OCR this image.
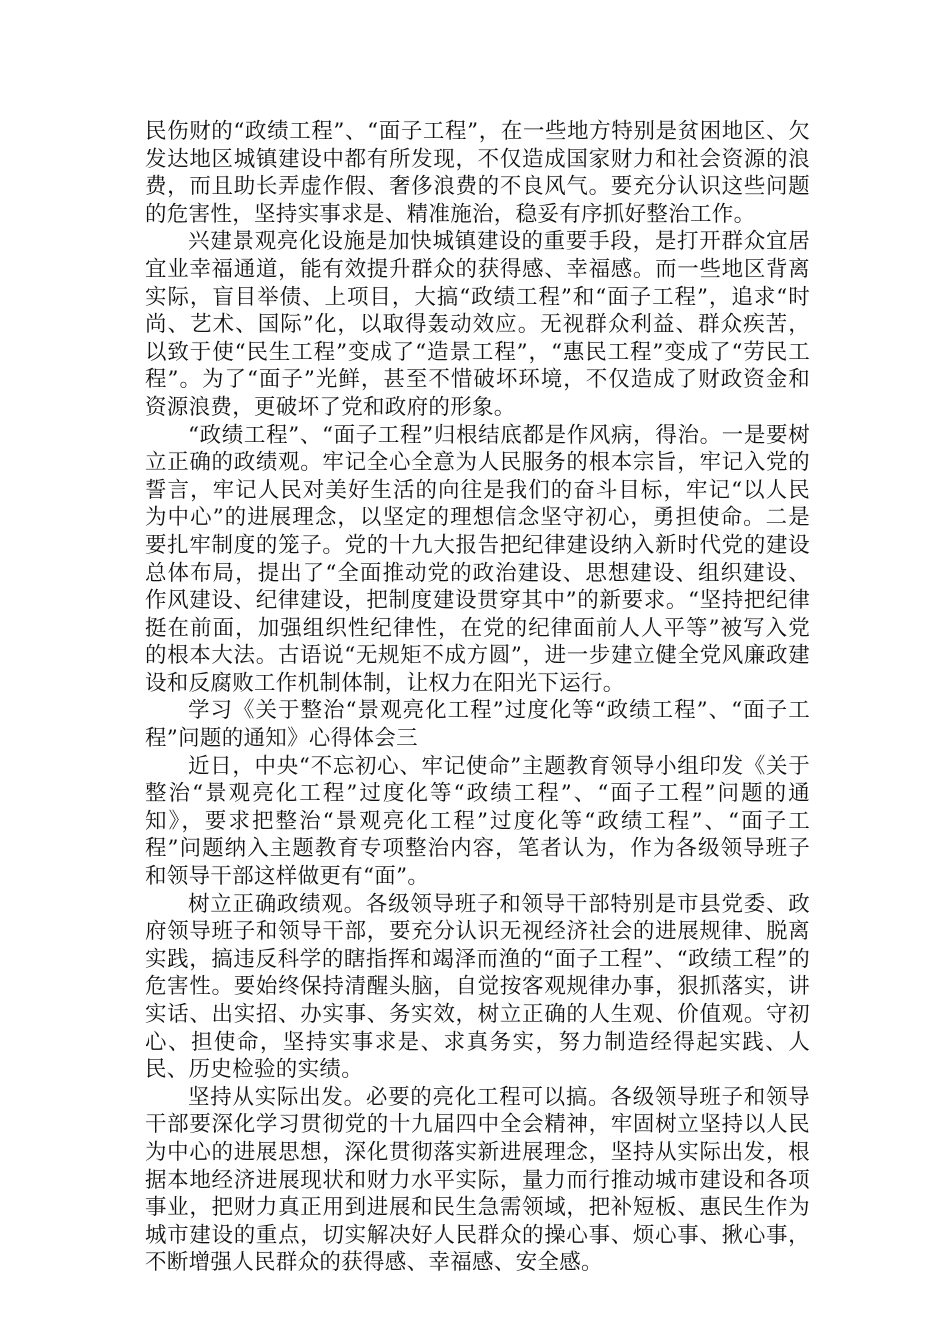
民伤财的“政绩工程”、“面子工程”，在一些地方特别是贫困地区、欠发达地区城镇建设中都有所发现，不仅造成国家财力和社会资源的浪费，而且助长弄虚作假、奢侈浪费的不良风气。要充分认识这些问题的危害性，坚持实事求是、精准施治，稳妥有序抓好整治工作。

兴建景观亮化设施是加快城镇建设的重要手段，是打开群众宜居宜业幸福通道，能有效提升群众的获得感、幸福感。而一些地区背离实际，盲目举债、上项目，大搞“政绩工程”和“面子工程”，追求“时尚、艺术、国际”化，以取得轰动效应。无视群众利益、群众疾苦，以致于使“民生工程”变成了“造景工程”，“惠民工程”变成了“劳民工程”。为了“面子”光鲜，甚至不惜破坏环境，不仅造成了财政资金和资源浪费，更破坏了党和政府的形象。

“政绩工程”、“面子工程”归根结底都是作风病，得治。一是要树立正确的政绩观。牢记全心全意为人民服务的根本宗旨，牢记入党的誓言，牢记人民对美好生活的向往是我们的奋斗目标，牢记“以人民为中心”的进展理念，以坚定的理想信念坚守初心，勇担使命。二是要扎牢制度的笼子。党的十九大报告把纪律建设纳入新时代党的建设总体布局，提出了“全面推动党的政治建设、思想建设、组织建设、作风建设、纪律建设，把制度建设贯穿其中”的新要求。“坚持把纪律挺在前面，加强组织性纪律性，在党的纪律面前人人平等”被写入党的根本大法。古语说“无规矩不成方圆”，进一步建立健全党风廉政建设和反腐败工作机制体制，让权力在阳光下运行。

学习《关于整治“景观亮化工程”过度化等“政绩工程”、“面子工程”问题的通知》心得体会三

近日，中央“不忘初心、牢记使命”主题教育领导小组印发《关于整治“景观亮化工程”过度化等“政绩工程”、“面子工程”问题的通知》，要求把整治“景观亮化工程”过度化等“政绩工程”、“面子工程”问题纳入主题教育专项整治内容，笔者认为，作为各级领导班子和领导干部这样做更有“面”。

树立正确政绩观。各级领导班子和领导干部特别是市县党委、政府领导班子和领导干部，要充分认识无视经济社会的进展规律、脱离实践，搞违反科学的瞎指挥和竭泽而渔的“面子工程”、“政绩工程”的危害性。要始终保持清醒头脑，自觉按客观规律办事，狠抓落实，讲实话、出实招、办实事、务实效，树立正确的人生观、价值观。守初心、担使命，坚持实事求是、求真务实，努力制造经得起实践、人民、历史检验的实绩。

坚持从实际出发。必要的亮化工程可以搞。各级领导班子和领导干部要深化学习贯彻党的十九届四中全会精神，牢固树立坚持以人民为中心的进展思想，深化贯彻落实新进展理念，坚持从实际出发，根据本地经济进展现状和财力水平实际，量力而行推动城市建设和各项事业，把财力真正用到进展和民生急需领域，把补短板、惠民生作为城市建设的重点，切实解决好人民群众的操心事、烦心事、揪心事，不断增强人民群众的获得感、幸福感、安全感。
